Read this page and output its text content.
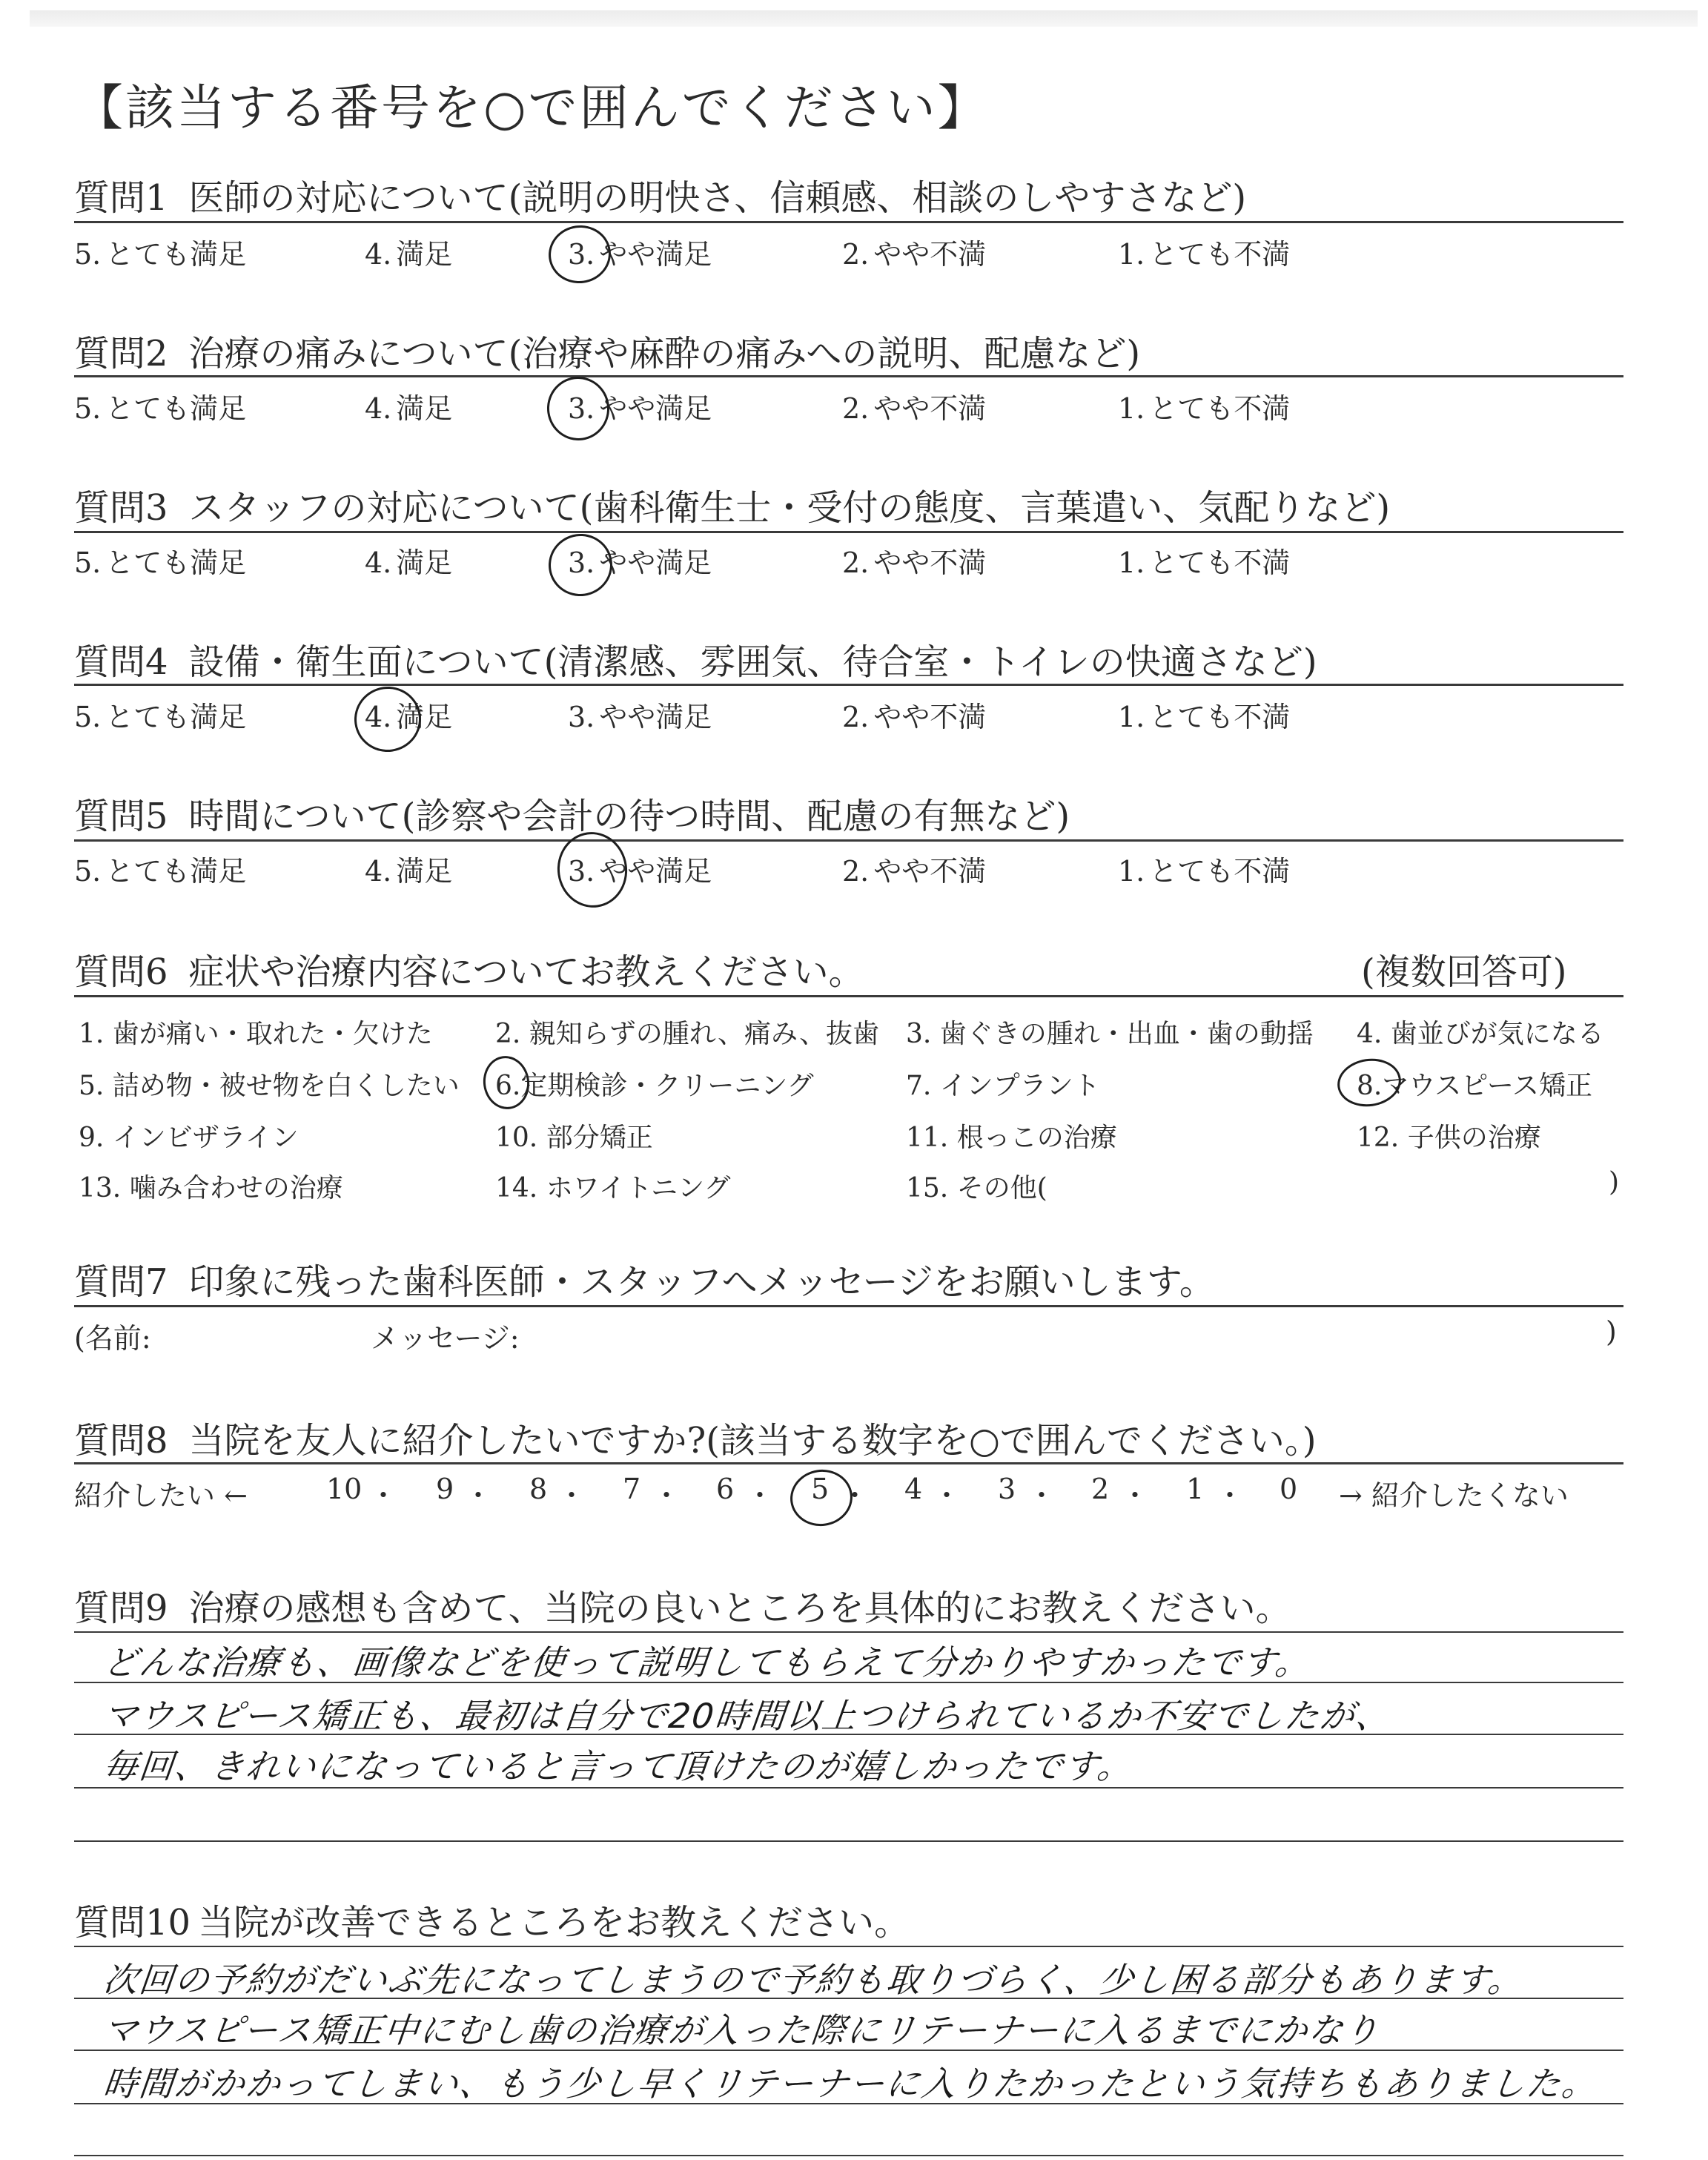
【該当する番号を○で囲んでください】
質問1 医師の対応について(説明の明快さ、信頼感、相談のしやすさなど)
5. とても満足	4. 満足	3. やや満足	2. やや不満	1. とても不満
質問2 治療の痛みについて(治療や麻酔の痛みへの説明、配慮など)
5. とても満足	4. 満足	3. やや満足	2. やや不満	1. とても不満
質問3 スタッフの対応について(歯科衛生士・受付の態度、言葉遣い、気配りなど)
5. とても満足	4. 満足	3. やや満足	2. やや不満	1. とても不満
質問4 設備・衛生面について(清潔感、雰囲気、待合室・トイレの快適さなど)
5. とても満足	4. 満足	3. やや満足	2. やや不満	1. とても不満
質問5 時間について(診察や会計の待つ時間、配慮の有無など)
5. とても満足	4. 満足	3. やや満足	2. やや不満	1. とても不満
質問6 症状や治療内容についてお教えください。	(複数回答可)
1. 歯が痛い・取れた・欠けた 2. 親知らずの腫れ、痛み、抜歯 3. 歯ぐきの腫れ・出血・歯の動揺 4. 歯並びが気になる
5. 詰め物・被せ物を白くしたい 6.定期検診・クリーニング	7. インプラント	8.マウスピース矯正
9. インビザライン	10. 部分矯正	11. 根っこの治療	12. 子供の治療
13. 噛み合わせの治療	14. ホワイトニング	15. その他(	)
質問7 印象に残った歯科医師・スタッフへメッセージをお願いします。
(名前:	メッセージ:	)
質問8 当院を友人に紹介したいですか?(該当する数字を○で囲んでください。)
紹介したい ←	10 ・ 9 ・ 8 ・ 7 ・ 6 ・ 5 ・ 4 ・ 3 ・ 2 ・ 1 ・ 0 → 紹介したくない
質問9 治療の感想も含めて、当院の良いところを具体的にお教えください。
どんな治療も、画像などを使って説明してもらえて分かりやすかったです。
マウスピース矯正も、最初は自分で20時間以上つけられているか不安でしたが、
毎回、きれいになっていると言って頂けたのが嬉しかったです。
質問10 当院が改善できるところをお教えください。
次回の予約がだいぶ先になってしまうので予約も取りづらく、少し困る部分もあります。
マウスピース矯正中にむし歯の治療が入った際にリテーナーに入るまでにかなり
時間がかかってしまい、もう少し早くリテーナーに入りたかったという気持ちもありました。
